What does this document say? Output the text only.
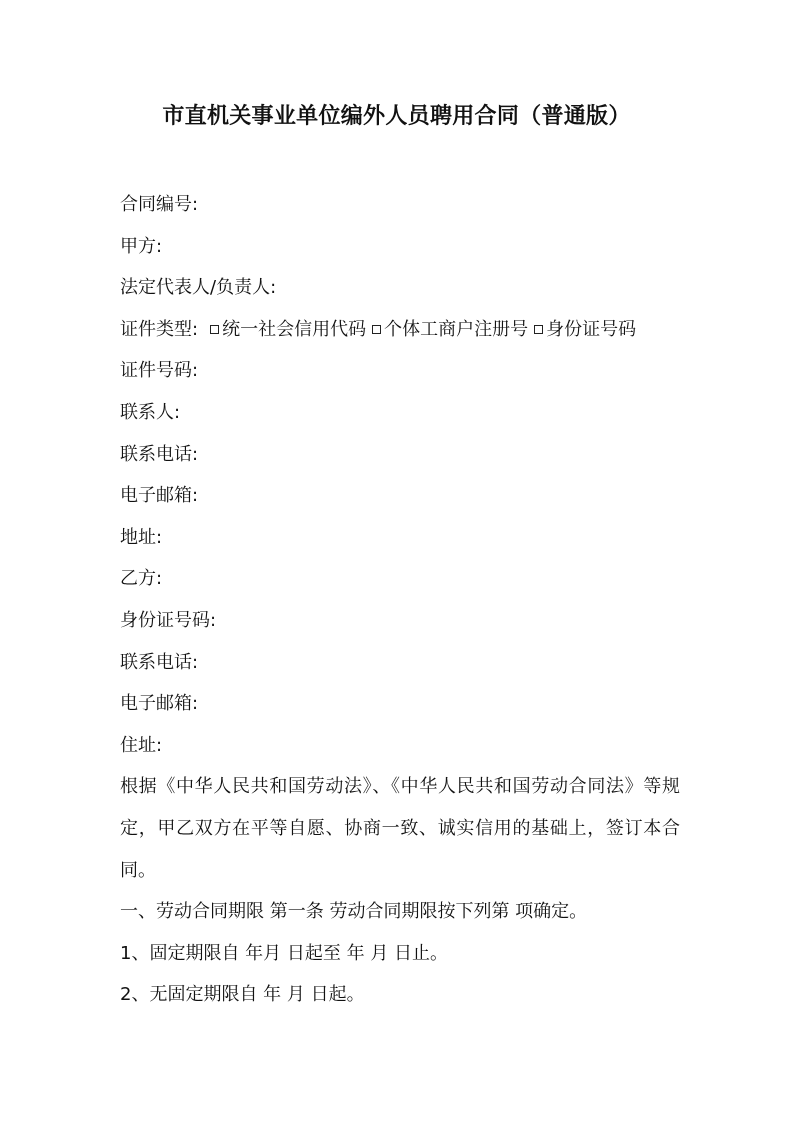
市直机关事业单位编外人员聘用合同（普通版）
合同编号:
甲方:
法定代表人/负责人:
证件类型: 统一社会信用代码 个体工商户注册号 身份证号码
证件号码:
联系人:
联系电话:
电子邮箱:
地址:
乙方:
身份证号码:
联系电话:
电子邮箱:
住址:
根据《中华人民共和国劳动法》、《中华人民共和国劳动合同法》等规定，甲乙双方在平等自愿、协商一致、诚实信用的基础上，签订本合同。
一、劳动合同期限 第一条 劳动合同期限按下列第 项确定。
1、固定期限自 年月 日起至 年 月 日止。
2、无固定期限自 年 月 日起。
